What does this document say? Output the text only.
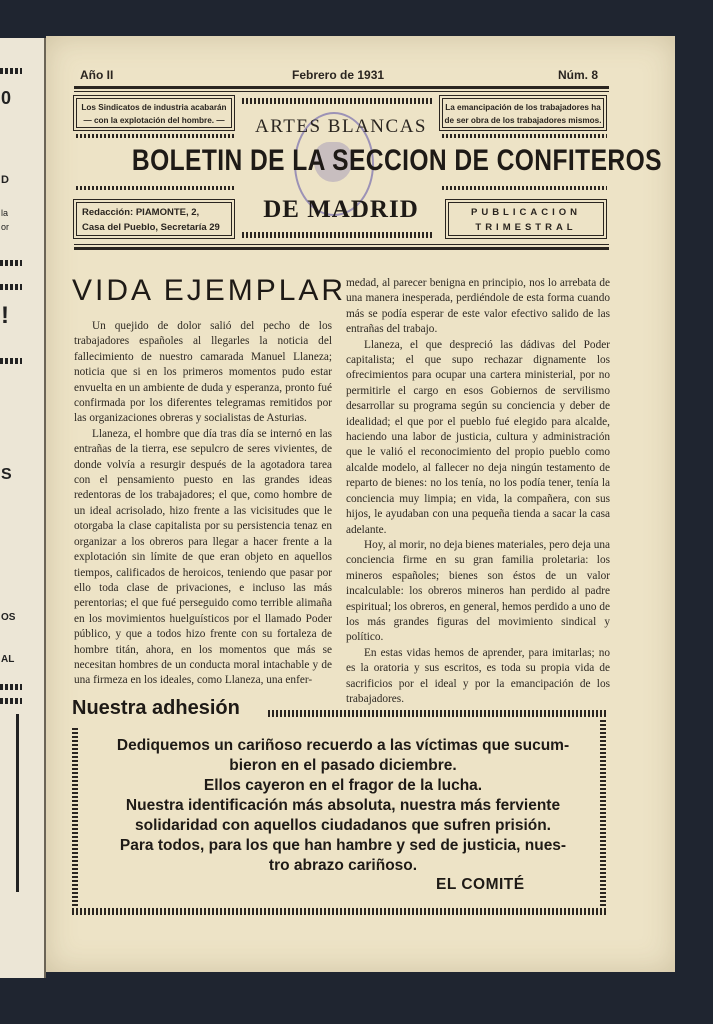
0
D
la
or
!
S
OS
AL
Año II	Febrero de 1931	Núm. 8
Los Sindicatos de industria acabarán — con la explotación del hombre. —
La emancipación de los trabajadores ha de ser obra de los trabajadores mismos.
ARTES BLANCAS
BOLETIN DE LA SECCION DE CONFITEROS
DE MADRID
Redacción: PIAMONTE, 2,
Casa del Pueblo, Secretaría 29
PUBLICACION
TRIMESTRAL
VIDA EJEMPLAR

Un quejido de dolor salió del pecho de los trabajadores españoles al llegarles la noticia del fallecimiento de nuestro camarada Manuel Llaneza; noticia que si en los primeros momentos pudo estar envuelta en un ambiente de duda y esperanza, pronto fué confirmada por los diferentes telegramas remitidos por las organizaciones obreras y socialistas de Asturias.

Llaneza, el hombre que día tras día se internó en las entrañas de la tierra, ese sepulcro de seres vivientes, de donde volvía a resurgir después de la agotadora tarea con el pensamiento puesto en las grandes ideas redentoras de los trabajadores; el que, como hombre de un ideal acrisolado, hizo frente a las vicisitudes que le otorgaba la clase capitalista por su persistencia tenaz en organizar a los obreros para llegar a hacer frente a la explotación sin límite de que eran objeto en aquellos tiempos, calificados de heroicos, teniendo que pasar por ello toda clase de privaciones, e incluso las más perentorias; el que fué perseguido como terrible alimaña en los movimientos huelguísticos por el llamado Poder público, y que a todos hizo frente con su fortaleza de hombre titán, ahora, en los momentos que más se necesitan hombres de un conducta moral intachable y de una firmeza en los ideales, como Llaneza, una enfer-

medad, al parecer benigna en principio, nos lo arrebata de una manera inesperada, perdiéndole de esta forma cuando más se podía esperar de este valor efectivo salido de las entrañas del trabajo.

Llaneza, el que despreció las dádivas del Poder capitalista; el que supo rechazar dignamente los ofrecimientos para ocupar una cartera ministerial, por no permitirle el cargo en esos Gobiernos de servilismo desarrollar su programa según su conciencia y deber de idealidad; el que por el pueblo fué elegido para alcalde, haciendo una labor de justicia, cultura y administración que le valió el reconocimiento del propio pueblo como alcalde modelo, al fallecer no deja ningún testamento de reparto de bienes: no los tenía, no los podía tener, tenía la conciencia muy limpia; en vida, la compañera, con sus hijos, le ayudaban con una pequeña tienda a sacar la casa adelante.

Hoy, al morir, no deja bienes materiales, pero deja una conciencia firme en su gran familia proletaria: los mineros españoles; bienes son éstos de un valor incalculable: los obreros mineros han perdido al padre espiritual; los obreros, en general, hemos perdido a uno de los más grandes figuras del movimiento sindical y político.

En estas vidas hemos de aprender, para imitarlas; no es la oratoria y sus escritos, es toda su propia vida de sacrificios por el ideal y por la emancipación de los trabajadores.

Nuestra adhesión
Dediquemos un cariñoso recuerdo a las víctimas que sucum-
bieron en el pasado diciembre.
Ellos cayeron en el fragor de la lucha.
Nuestra identificación más absoluta, nuestra más ferviente
solidaridad con aquellos ciudadanos que sufren prisión.
Para todos, para los que han hambre y sed de justicia, nues-
tro abrazo cariñoso.
EL COMITÉ
